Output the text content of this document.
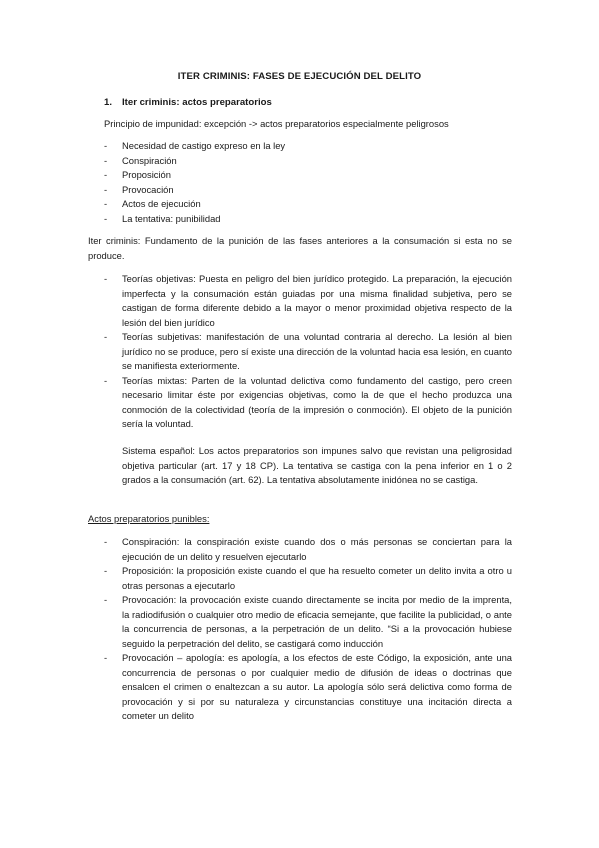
ITER CRIMINIS: FASES DE EJECUCIÓN DEL DELITO
1. Iter criminis: actos preparatorios

Principio de impunidad: excepción -> actos preparatorios especialmente peligrosos

- Necesidad de castigo expreso en la ley
- Conspiración
- Proposición
- Provocación
- Actos de ejecución
- La tentativa: punibilidad

Iter criminis: Fundamento de la punición de las fases anteriores a la consumación si esta no se produce.

- Teorías objetivas: Puesta en peligro del bien jurídico protegido. La preparación, la ejecución imperfecta y la consumación están guiadas por una misma finalidad subjetiva, pero se castigan de forma diferente debido a la mayor o menor proximidad objetiva respecto de la lesión del bien jurídico
- Teorías subjetivas: manifestación de una voluntad contraria al derecho. La lesión al bien jurídico no se produce, pero sí existe una dirección de la voluntad hacia esa lesión, en cuanto se manifiesta exteriormente.
- Teorías mixtas: Parten de la voluntad delictiva como fundamento del castigo, pero creen necesario limitar éste por exigencias objetivas, como la de que el hecho produzca una conmoción de la colectividad (teoría de la impresión o conmoción). El objeto de la punición sería la voluntad.

Sistema español: Los actos preparatorios son impunes salvo que revistan una peligrosidad objetiva particular (art. 17 y 18 CP). La tentativa se castiga con la pena inferior en 1 o 2 grados a la consumación (art. 62). La tentativa absolutamente inidónea no se castiga.

Actos preparatorios punibles:

- Conspiración: la conspiración existe cuando dos o más personas se conciertan para la ejecución de un delito y resuelven ejecutarlo
- Proposición: la proposición existe cuando el que ha resuelto cometer un delito invita a otro u otras personas a ejecutarlo
- Provocación: la provocación existe cuando directamente se incita por medio de la imprenta, la radiodifusión o cualquier otro medio de eficacia semejante, que facilite la publicidad, o ante la concurrencia de personas, a la perpetración de un delito. “Si a la provocación hubiese seguido la perpetración del delito, se castigará como inducción
- Provocación – apología: es apología, a los efectos de este Código, la exposición, ante una concurrencia de personas o por cualquier medio de difusión de ideas o doctrinas que ensalcen el crimen o enaltezcan a su autor. La apología sólo será delictiva como forma de provocación y si por su naturaleza y circunstancias constituye una incitación directa a cometer un delito
